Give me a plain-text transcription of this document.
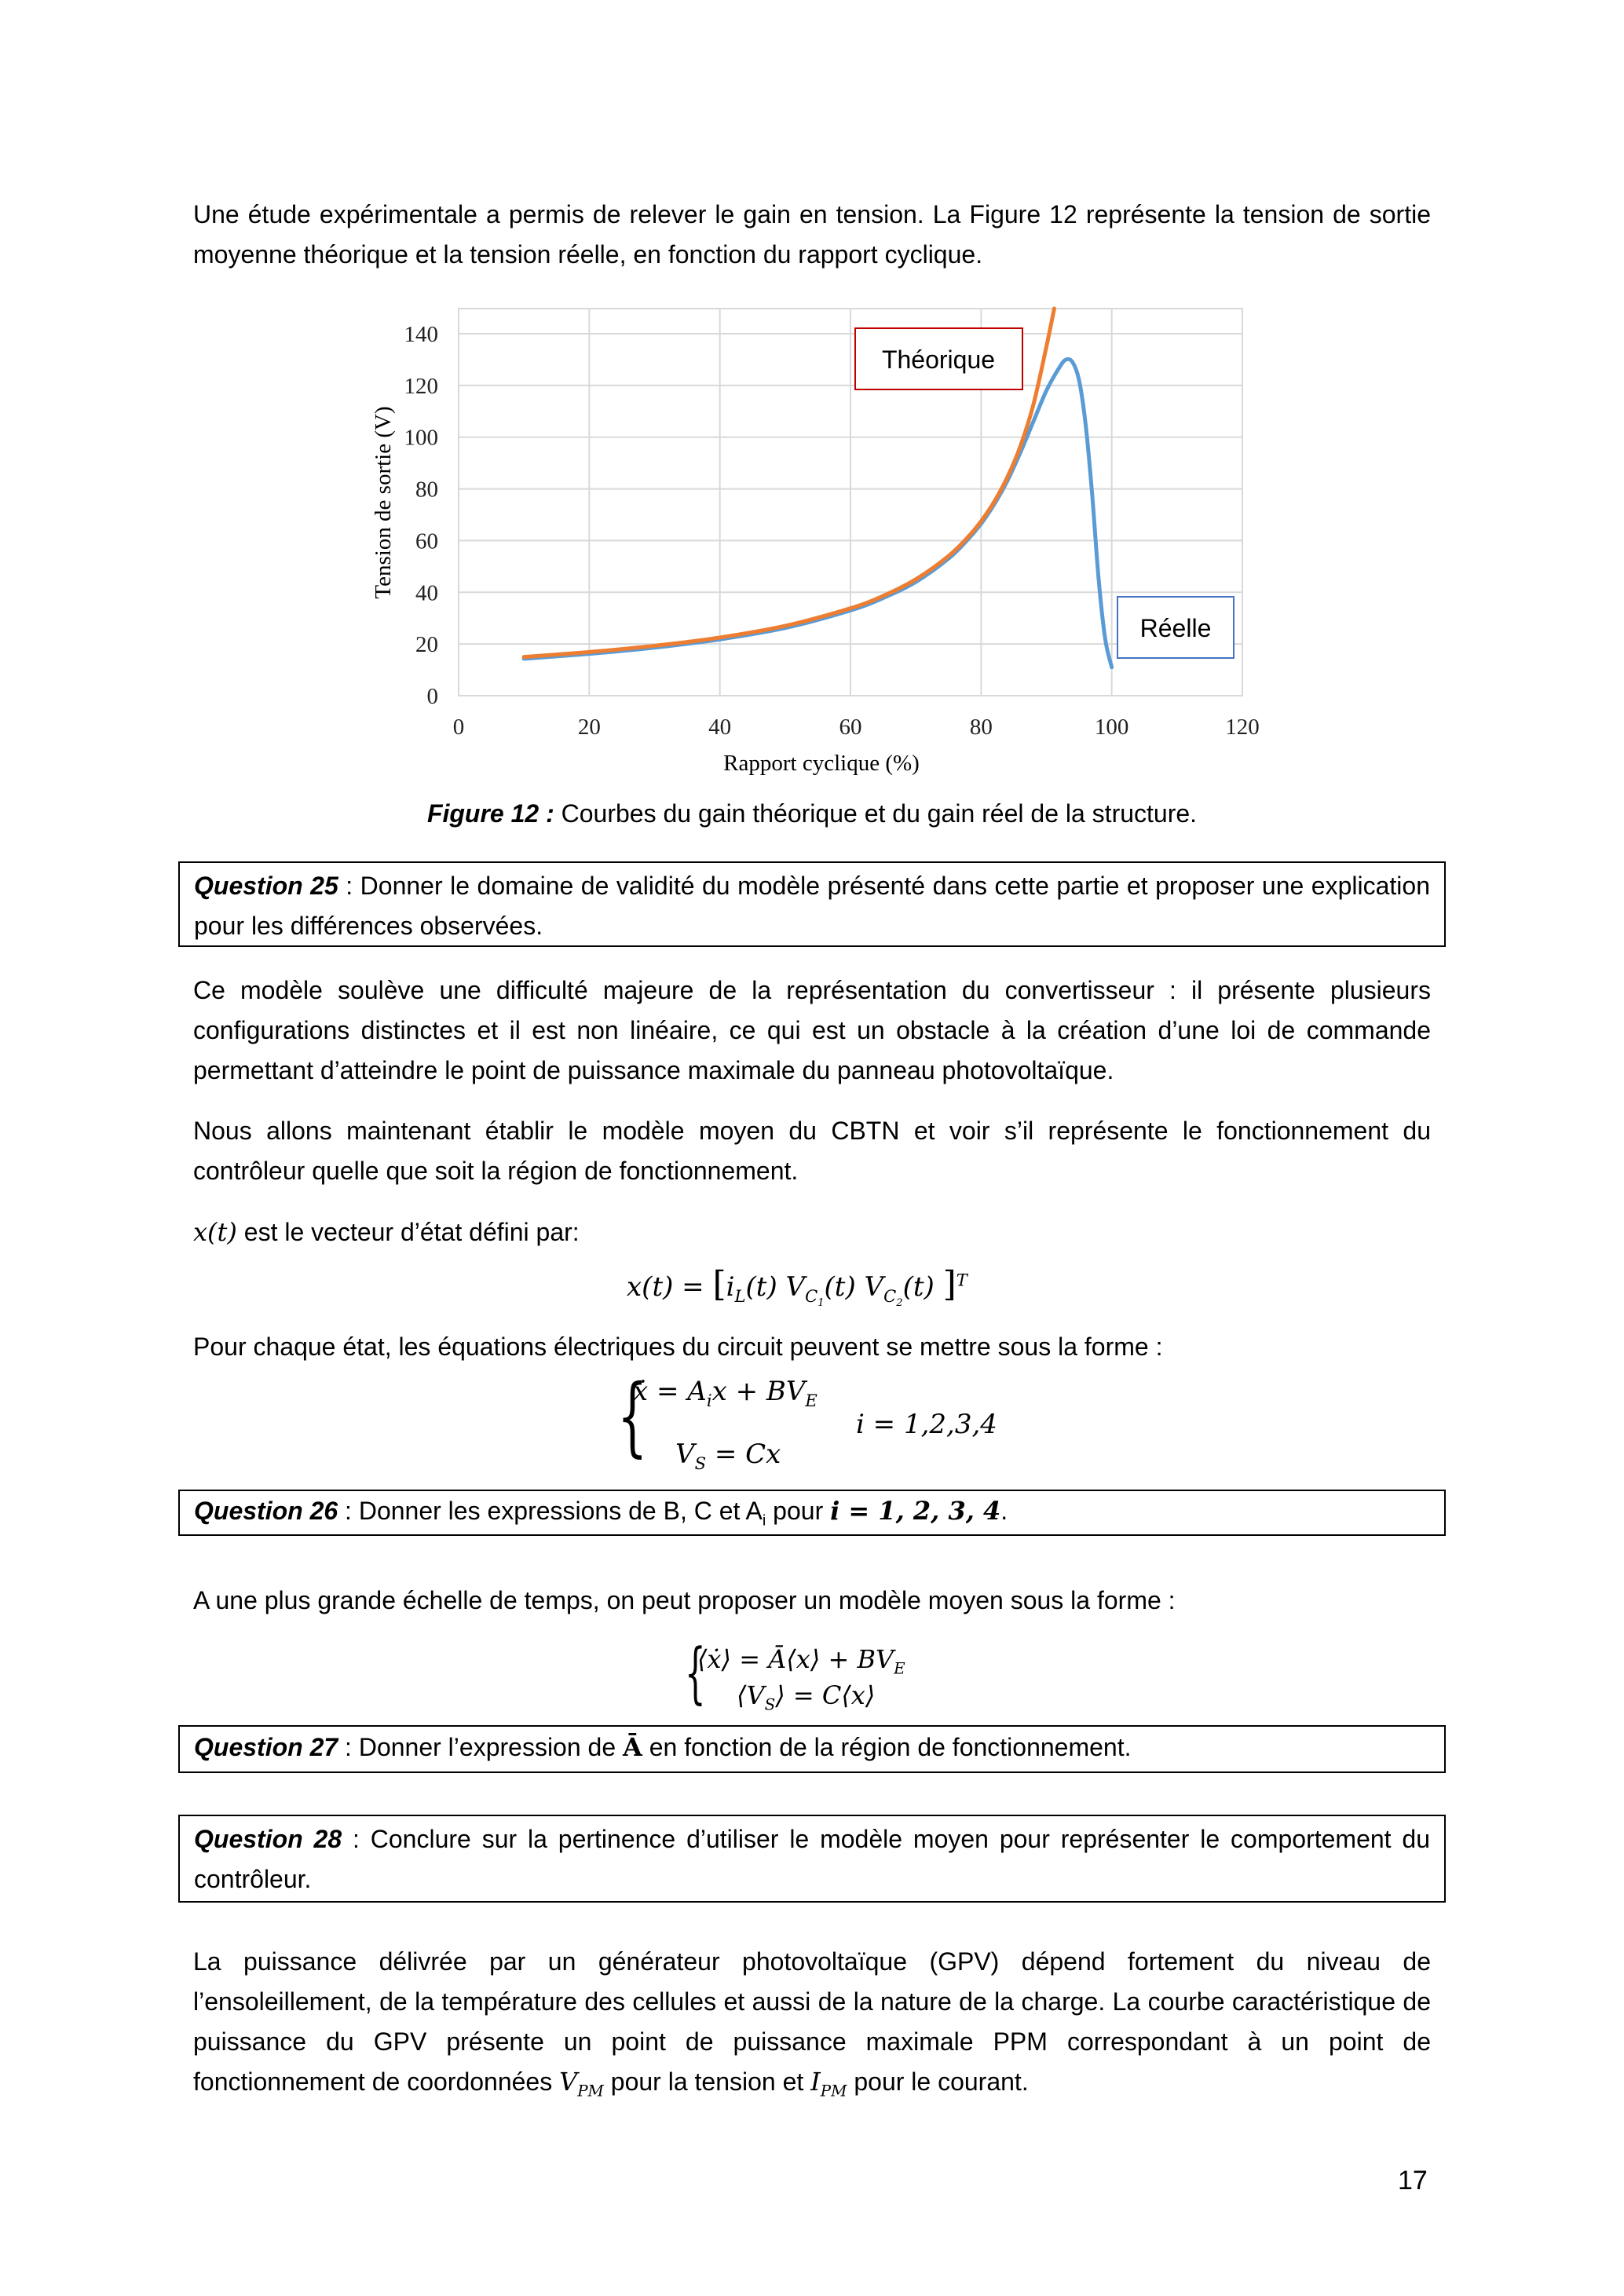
Une étude expérimentale a permis de relever le gain en tension. La Figure 12 représente la tension de sortie moyenne théorique et la tension réelle, en fonction du rapport cyclique.
0
20
40
60
80
100
120
140
0	20	40	60	80	100	120
Rapport cyclique (%)
Tension de sortie (V)
Théorique
Réelle
Figure 12 : Courbes du gain théorique et du gain réel de la structure.
Question 25 : Donner le domaine de validité du modèle présenté dans cette partie et proposer une explication pour les différences observées.
Ce modèle soulève une difficulté majeure de la représentation du convertisseur : il présente plusieurs configurations distinctes et il est non linéaire, ce qui est un obstacle à la création d’une loi de commande permettant d’atteindre le point de puissance maximale du panneau photovoltaïque.
Nous allons maintenant établir le modèle moyen du CBTN et voir s’il représente le fonctionnement du contrôleur quelle que soit la région de fonctionnement.
x(t) est le vecteur d’état défini par:
$x(t) = [i_L(t)$ $V_{C_1}(t)$ $V_{C_2}(t)$ ]$^T$
Pour chaque état, les équations électriques du circuit peuvent se mettre sous la forme :
{
ẋ = $A_ix + BV_E$
$V_S = Cx$
i = 1,2,3,4
Question 26 : Donner les expressions de B, C et $A_i$ pour i = 1, 2, 3, 4.
A une plus grande échelle de temps, on peut proposer un modèle moyen sous la forme :
{
⟨ẋ⟩ = Ā⟨x⟩ + $BV_E$
$⟨V_S⟩$ = C⟨x⟩
Question 27 : Donner l’expression de Ā en fonction de la région de fonctionnement.
Question 28 : Conclure sur la pertinence d’utiliser le modèle moyen pour représenter le comportement du contrôleur.
La puissance délivrée par un générateur photovoltaïque (GPV) dépend fortement du niveau de l’ensoleillement, de la température des cellules et aussi de la nature de la charge. La courbe caractéristique de puissance du GPV présente un point de puissance maximale PPM correspondant à un point de fonctionnement de coordonnées $V_{PM}$ pour la tension et $I_{PM}$ pour le courant.
17
